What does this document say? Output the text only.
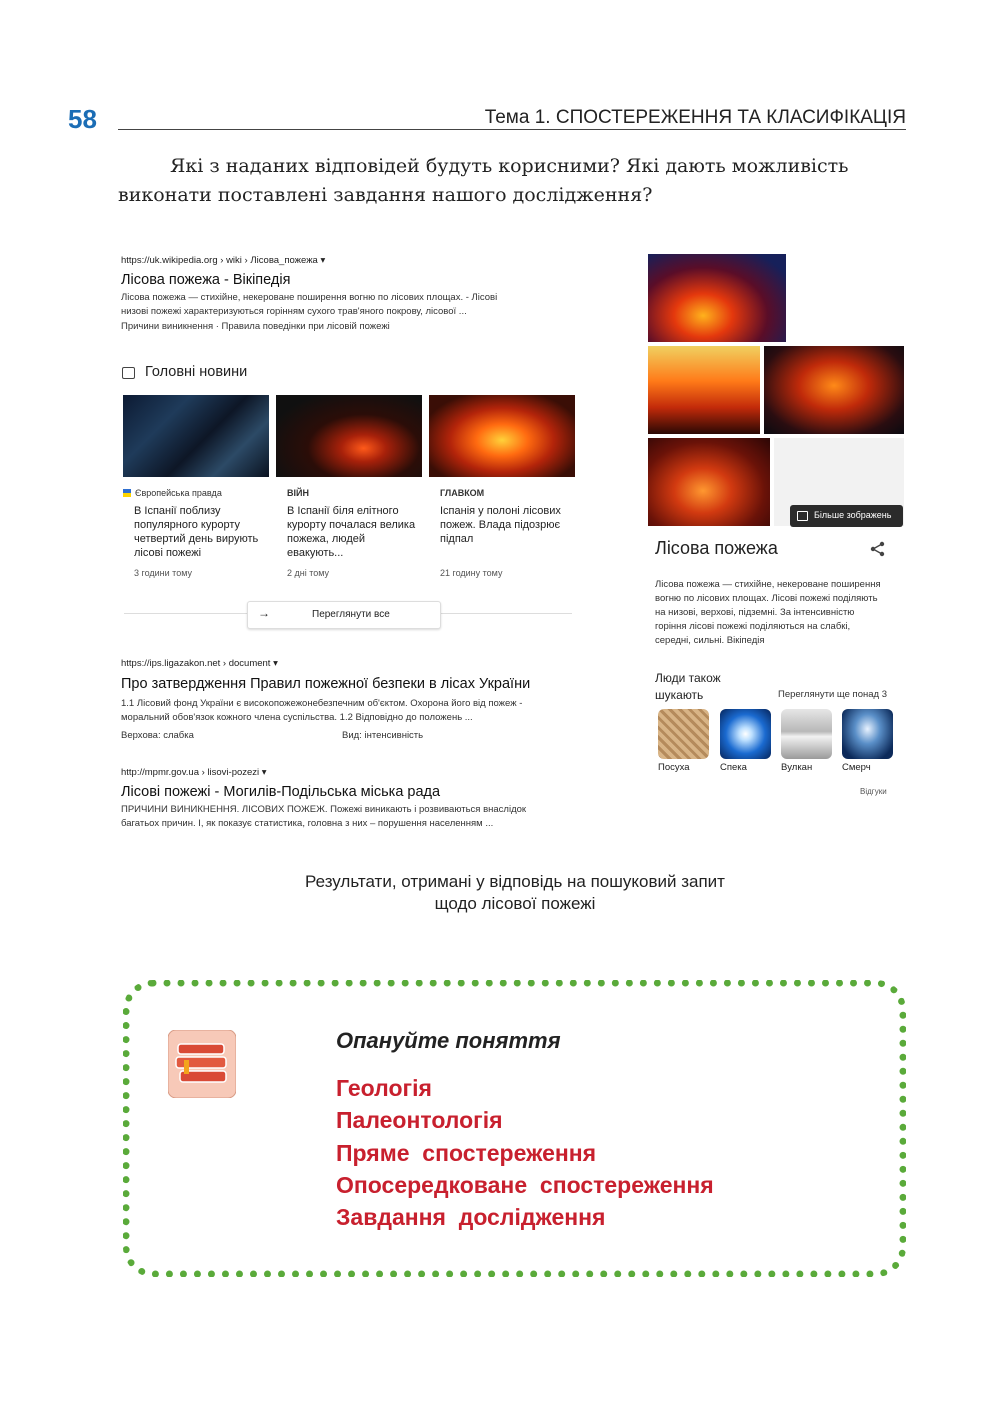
58	Тема 1. СПОСТЕРЕЖЕННЯ ТА КЛАСИФІКАЦІЯ
Які з наданих відповідей будуть корисними? Які дають можливість виконати поставлені завдання нашого дослідження?
https://uk.wikipedia.org › wiki › Лісова_пожежа ▾
Лісова пожежа - Вікіпедія
Лісова пожежа — стихійне, некероване поширення вогню по лісових площах. - Лісові
низові пожежі характеризуються горінням сухого трав'яного покрову, лісової ...
Причини виникнення · Правила поведінки при лісовій пожежі
Головні новини
Європейська правда
В Іспанії поблизу популярного курорту четвертий день вирують лісові пожежі
3 години тому
ВІЙН
В Іспанії біля елітного курорту почалася велика пожежа, людей евакують...
2 дні тому
ГЛАВКОМ
Іспанія у полоні лісових пожеж. Влада підозрює підпал
21 годину тому
→	Переглянути все
https://ips.ligazakon.net › document ▾
Про затвердження Правил пожежної безпеки в лісах України
1.1 Лісовий фонд України є високопожежонебезпечним об'єктом. Охорона його від пожеж -
моральний обов'язок кожного члена суспільства. 1.2 Відповідно до положень ...
Верхова: слабка	Вид: інтенсивність
http://mpmr.gov.ua › lisovi-pozezi ▾
Лісові пожежі - Могилів-Подільська міська рада
ПРИЧИНИ ВИНИКНЕННЯ. ЛІСОВИХ ПОЖЕЖ. Пожежі виникають і розвиваються внаслідок
багатьох причин. І, як показує статистика, головна з них – порушення населенням ...
Більше зображень
Лісова пожежа
Лісова пожежа — стихійне, некероване поширення
вогню по лісових площах. Лісові пожежі поділяють
на низові, верхові, підземні. За інтенсивністю
горіння лісові пожежі поділяються на слабкі,
середні, сильні. Вікіпедія
Люди також
шукають	Переглянути ще понад 3
Посуха	Спека	Вулкан	Смерч
Відгуки
Результати, отримані у відповідь на пошуковий запит
щодо лісової пожежі
Опануйте поняття
Геологія
Палеонтологія
Пряме  спостереження
Опосередковане  спостереження
Завдання  дослідження
